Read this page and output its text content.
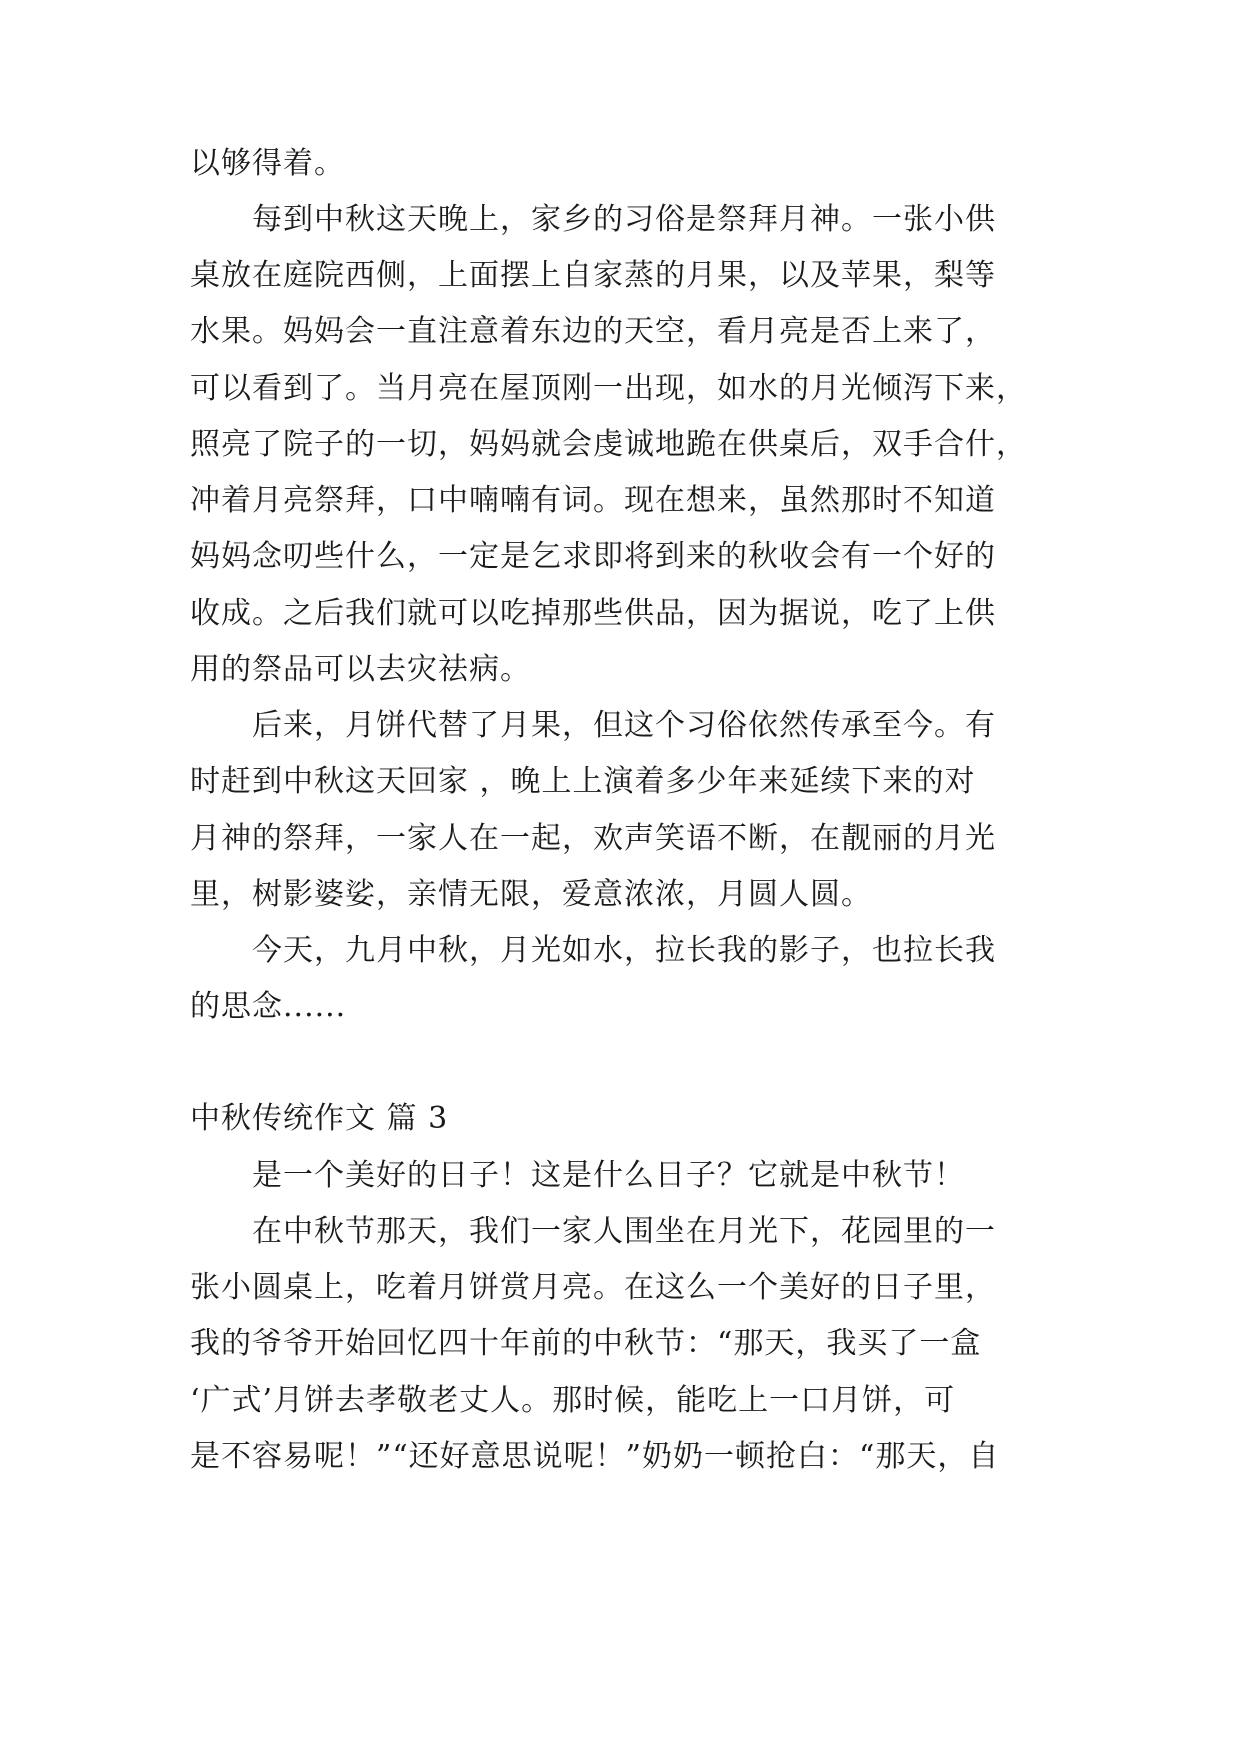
以够得着。
　　每到中秋这天晚上，家乡的习俗是祭拜月神。一张小供
桌放在庭院西侧，上面摆上自家蒸的月果，以及苹果，梨等
水果。妈妈会一直注意着东边的天空，看月亮是否上来了，
可以看到了。当月亮在屋顶刚一出现，如水的月光倾泻下来，
照亮了院子的一切，妈妈就会虔诚地跪在供桌后，双手合什，
冲着月亮祭拜，口中喃喃有词。现在想来，虽然那时不知道
妈妈念叨些什么，一定是乞求即将到来的秋收会有一个好的
收成。之后我们就可以吃掉那些供品，因为据说，吃了上供
用的祭品可以去灾祛病。
　　后来，月饼代替了月果，但这个习俗依然传承至今。有
时赶到中秋这天回家 ，晚上上演着多少年来延续下来的对
月神的祭拜，一家人在一起，欢声笑语不断，在靓丽的月光
里，树影婆娑，亲情无限，爱意浓浓，月圆人圆。
　　今天，九月中秋，月光如水，拉长我的影子，也拉长我
的思念......
中秋传统作文 篇 3
　　是一个美好的日子！这是什么日子？它就是中秋节！
　　在中秋节那天，我们一家人围坐在月光下，花园里的一
张小圆桌上，吃着月饼赏月亮。在这么一个美好的日子里，
我的爷爷开始回忆四十年前的中秋节：“那天，我买了一盒
‘广式’月饼去孝敬老丈人。那时候，能吃上一口月饼，可
是不容易呢！”“还好意思说呢！”奶奶一顿抢白：“那天，自
